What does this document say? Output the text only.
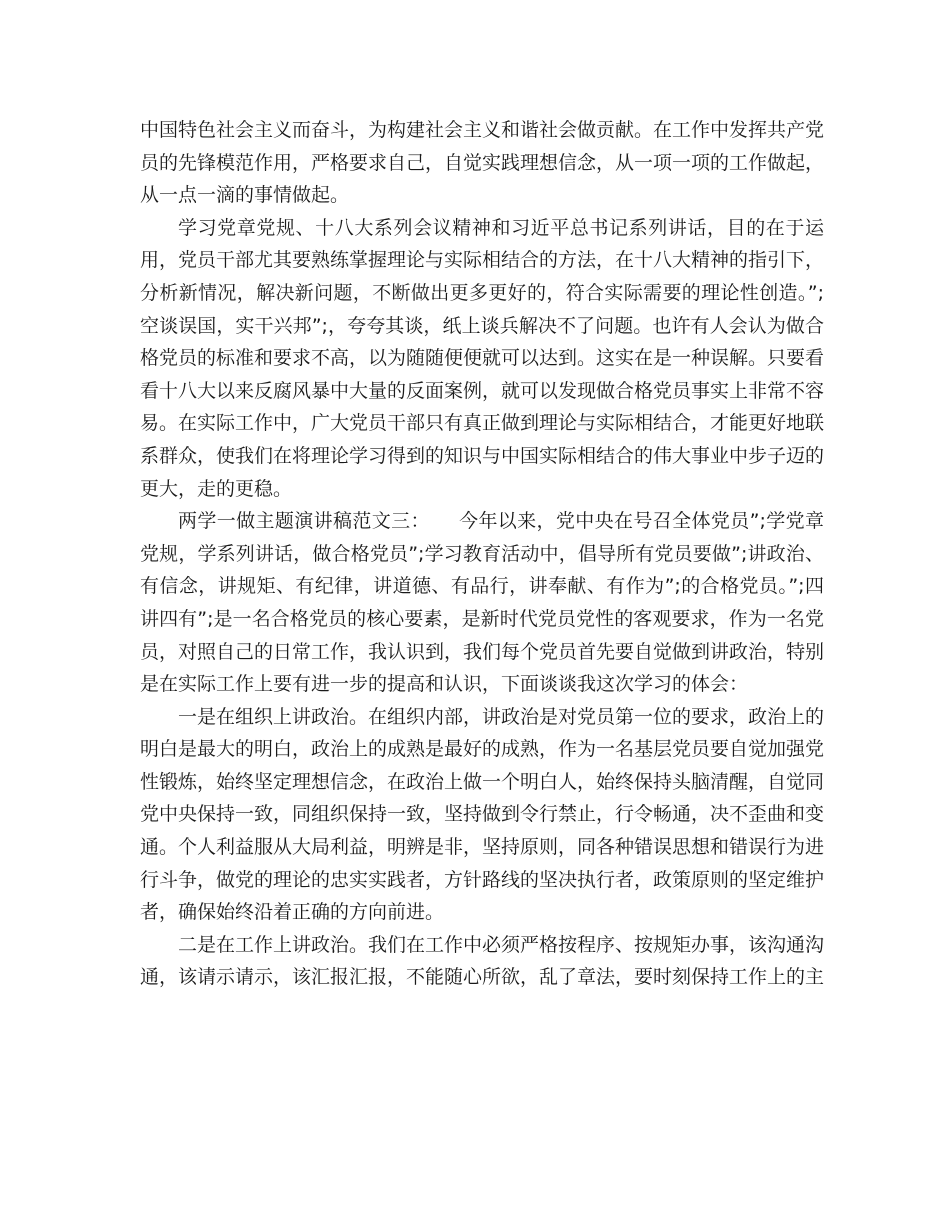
中国特色社会主义而奋斗，为构建社会主义和谐社会做贡献。在工作中发挥共产党员的先锋模范作用，严格要求自己，自觉实践理想信念，从一项一项的工作做起，从一点一滴的事情做起。

学习党章党规、十八大系列会议精神和习近平总书记系列讲话，目的在于运用，党员干部尤其要熟练掌握理论与实际相结合的方法，在十八大精神的指引下，分析新情况，解决新问题，不断做出更多更好的，符合实际需要的理论性创造。”;空谈误国，实干兴邦”;，夸夸其谈，纸上谈兵解决不了问题。也许有人会认为做合格党员的标准和要求不高，以为随随便便就可以达到。这实在是一种误解。只要看看十八大以来反腐风暴中大量的反面案例，就可以发现做合格党员事实上非常不容易。在实际工作中，广大党员干部只有真正做到理论与实际相结合，才能更好地联系群众，使我们在将理论学习得到的知识与中国实际相结合的伟大事业中步子迈的更大，走的更稳。

两学一做主题演讲稿范文三：　　今年以来，党中央在号召全体党员”;学党章党规，学系列讲话，做合格党员”;学习教育活动中，倡导所有党员要做”;讲政治、有信念，讲规矩、有纪律，讲道德、有品行，讲奉献、有作为”;的合格党员。”;四讲四有”;是一名合格党员的核心要素，是新时代党员党性的客观要求，作为一名党员，对照自己的日常工作，我认识到，我们每个党员首先要自觉做到讲政治，特别是在实际工作上要有进一步的提高和认识，下面谈谈我这次学习的体会：

一是在组织上讲政治。在组织内部，讲政治是对党员第一位的要求，政治上的明白是最大的明白，政治上的成熟是最好的成熟，作为一名基层党员要自觉加强党性锻炼，始终坚定理想信念，在政治上做一个明白人，始终保持头脑清醒，自觉同党中央保持一致，同组织保持一致，坚持做到令行禁止，行令畅通，决不歪曲和变通。个人利益服从大局利益，明辨是非，坚持原则，同各种错误思想和错误行为进行斗争，做党的理论的忠实实践者，方针路线的坚决执行者，政策原则的坚定维护者，确保始终沿着正确的方向前进。

二是在工作上讲政治。我们在工作中必须严格按程序、按规矩办事，该沟通沟通，该请示请示，该汇报汇报，不能随心所欲，乱了章法，要时刻保持工作上的主
